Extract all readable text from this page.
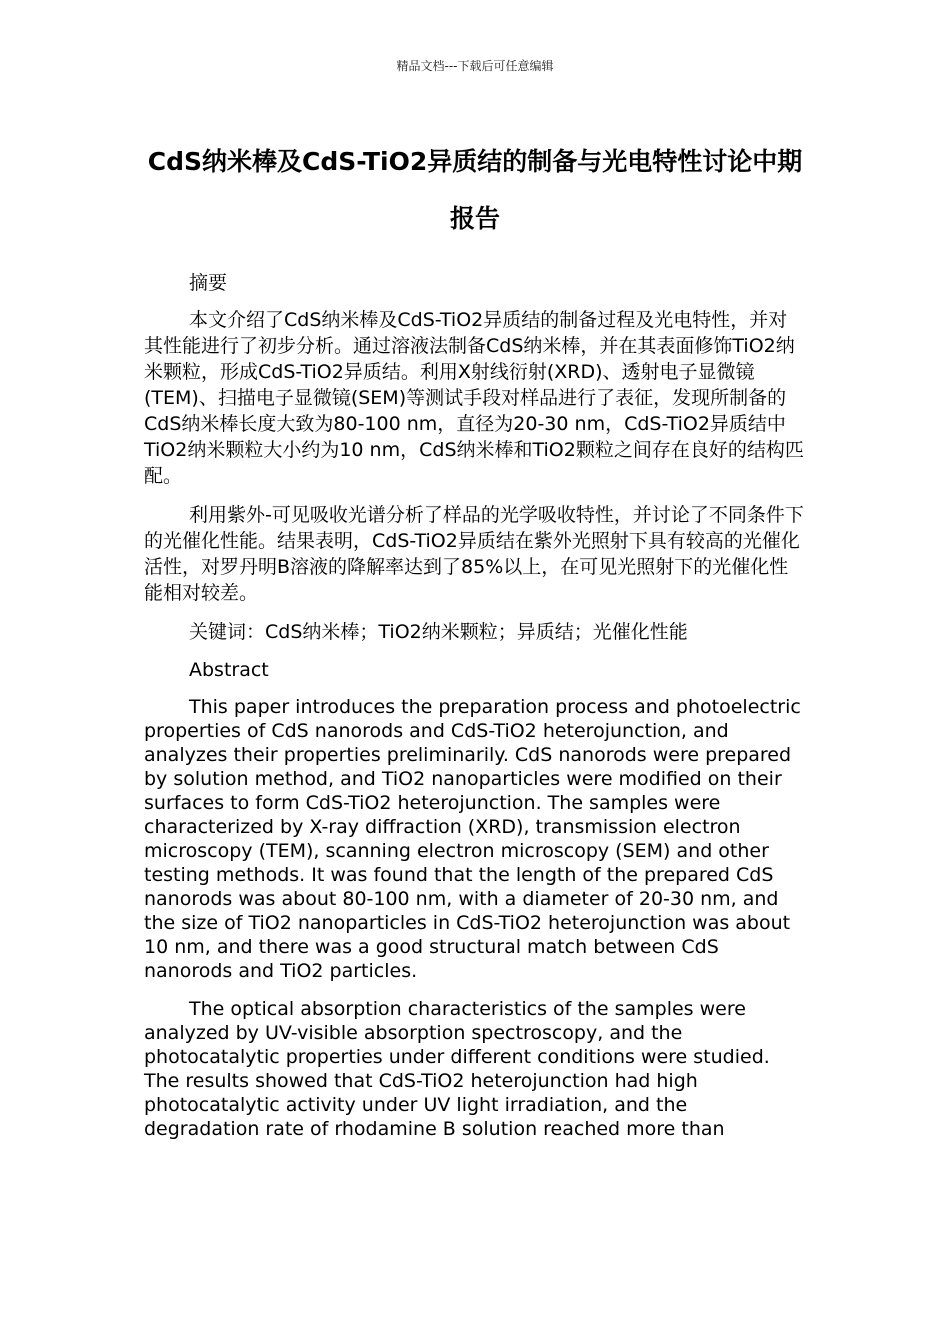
精品文档---下载后可任意编辑
CdS纳米棒及CdS-TiO2异质结的制备与光电特性讨论中期报告

摘要

本文介绍了CdS纳米棒及CdS-TiO2异质结的制备过程及光电特性，并对其性能进行了初步分析。通过溶液法制备CdS纳米棒，并在其表面修饰TiO2纳米颗粒，形成CdS-TiO2异质结。利用X射线衍射(XRD)、透射电子显微镜(TEM)、扫描电子显微镜(SEM)等测试手段对样品进行了表征，发现所制备的CdS纳米棒长度大致为80-100 nm，直径为20-30 nm，CdS-TiO2异质结中TiO2纳米颗粒大小约为10 nm，CdS纳米棒和TiO2颗粒之间存在良好的结构匹配。

利用紫外-可见吸收光谱分析了样品的光学吸收特性，并讨论了不同条件下的光催化性能。结果表明，CdS-TiO2异质结在紫外光照射下具有较高的光催化活性，对罗丹明B溶液的降解率达到了85%以上，在可见光照射下的光催化性能相对较差。

关键词：CdS纳米棒；TiO2纳米颗粒；异质结；光催化性能

Abstract

This paper introduces the preparation process and photoelectric properties of CdS nanorods and CdS-TiO2 heterojunction, and analyzes their properties preliminarily. CdS nanorods were prepared by solution method, and TiO2 nanoparticles were modified on their surfaces to form CdS-TiO2 heterojunction. The samples were characterized by X-ray diffraction (XRD), transmission electron microscopy (TEM), scanning electron microscopy (SEM) and other testing methods. It was found that the length of the prepared CdS nanorods was about 80-100 nm, with a diameter of 20-30 nm, and the size of TiO2 nanoparticles in CdS-TiO2 heterojunction was about 10 nm, and there was a good structural match between CdS nanorods and TiO2 particles.

The optical absorption characteristics of the samples were analyzed by UV-visible absorption spectroscopy, and the photocatalytic properties under different conditions were studied. The results showed that CdS-TiO2 heterojunction had high photocatalytic activity under UV light irradiation, and the degradation rate of rhodamine B solution reached more than
